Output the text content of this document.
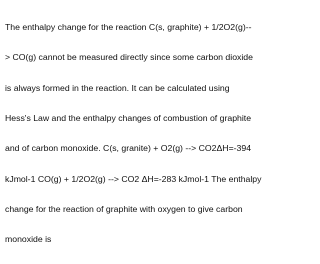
The enthalpy change for the reaction C(s, graphite) + 1/2O2(g)--

> CO(g) cannot be measured directly since some carbon dioxide

is always formed in the reaction. It can be calculated using

Hess's Law and the enthalpy changes of combustion of graphite

and of carbon monoxide. C(s, granite) + O2(g) --> CO2ΔH=-394

kJmol-1 CO(g) + 1/2O2(g) --> CO2 ΔH=-283 kJmol-1 The enthalpy

change for the reaction of graphite with oxygen to give carbon

monoxide is
